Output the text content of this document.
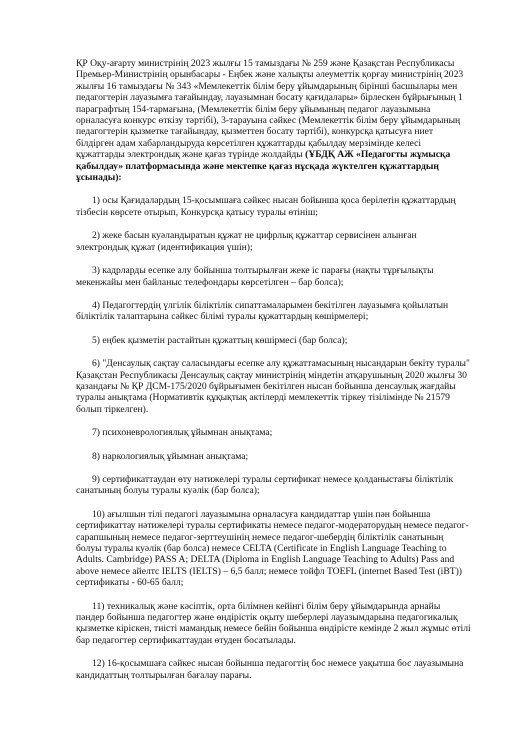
ҚР Оқу-ағарту министрінің 2023 жылғы 15 тамыздағы № 259 және Қазақстан Республикасы Премьер-Министрінің орынбасары - Еңбек және халықты әлеуметтік қорғау министрінің 2023 жылғы 16 тамыздағы № 343 «Мемлекеттік білім беру ұйымдарының бірінші басшылары мен педагогтерін лауазымға тағайындау, лауазымнан босату қағидалары» бірлескен бұйрығының 1 параграфтың 154-тармағына, (Мемлекеттік білім беру ұйымының педагог лауазымына орналасуға конкурс өткізу тәртібі), 3-тарауына сәйкес (Мемлекеттік білім беру ұйымдарының педагогтерін қызметке тағайындау, қызметтен босату тәртібі), конкурсқа қатысуға ниет білдірген адам хабарландыруда көрсетілген құжаттарды қабылдау мерзімінде келесі құжаттарды электрондық және қағаз түрінде жолдайды (ҰБДҚ АЖ «Педагогты жұмысқа қабылдау» платформасында және мектепке қағаз нұсқада жүктелген құжаттардың ұсынады):

1) осы Қағидалардың 15-қосымшаға сәйкес нысан бойынша қоса берілетін құжаттардың тізбесін көрсете отырып, Конкурсқа қатысу туралы өтініш;

2) жеке басын куәландыратын құжат не цифрлық құжаттар сервисінен алынған электрондық құжат (идентификация үшін);

3) кадрларды есепке алу бойынша толтырылған жеке іс парағы (нақты тұрғылықты мекенжайы мен байланыс телефондары көрсетілген – бар болса);

4) Педагогтердің үлгілік біліктілік сипаттамаларымен бекітілген лауазымға қойылатын біліктілік талаптарына сәйкес білімі туралы құжаттардың көшірмелері;

5) еңбек қызметін растайтын құжаттың көшірмесі (бар болса);

6) "Денсаулық сақтау саласындағы есепке алу құжаттамасының нысандарын бекіту туралы" Қазақстан Республикасы Денсаулық сақтау министрінің міндетін атқарушының 2020 жылғы 30 қазандағы № ҚР ДСМ-175/2020 бұйрығымен бекітілген нысан бойынша денсаулық жағдайы туралы анықтама (Нормативтік құқықтық актілерді мемлекеттік тіркеу тізілімінде № 21579 болып тіркелген).

7) психоневрологиялық ұйымнан анықтама;

8) наркологиялық ұйымнан анықтама;

9) сертификаттаудан өту нәтижелері туралы сертификат немесе қолданыстағы біліктілік санатының болуы туралы куәлік (бар болса);

10) ағылшын тілі педагогі лауазымына орналасуға кандидаттар үшін пән бойынша сертификаттау нәтижелері туралы сертификаты немесе педагог-модераторудың немесе педагог-сарапшының немесе педагог-зерттеушінің немесе педагог-шебердің біліктілік санатының болуы туралы куәлік (бар болса) немесе CELTA (Certificate in English Language Teaching to Adults. Cambridge) PASS A; DELTA (Diploma in English Language Teaching to Adults) Pass and above немесе айелтс IELTS (IELTS) – 6,5 балл; немесе тойфл TOEFL (internet Based Test (iBT)) сертификаты - 60-65 балл;

11) техникалық және кәсіптік, орта білімнен кейінгі білім беру ұйымдарында арнайы пәндер бойынша педагогтер және өндірістік оқыту шеберлері лауазымдарына педагогикалық қызметке кіріскен, тиісті мамандық немесе бейін бойынша өндірісте кемінде 2 жыл жұмыс өтілі бар педагогтер сертификаттаудан өтуден босатылады.

12) 16-қосымшаға сәйкес нысан бойынша педагогтің бос немесе уақытша бос лауазымына кандидаттың толтырылған бағалау парағы.
